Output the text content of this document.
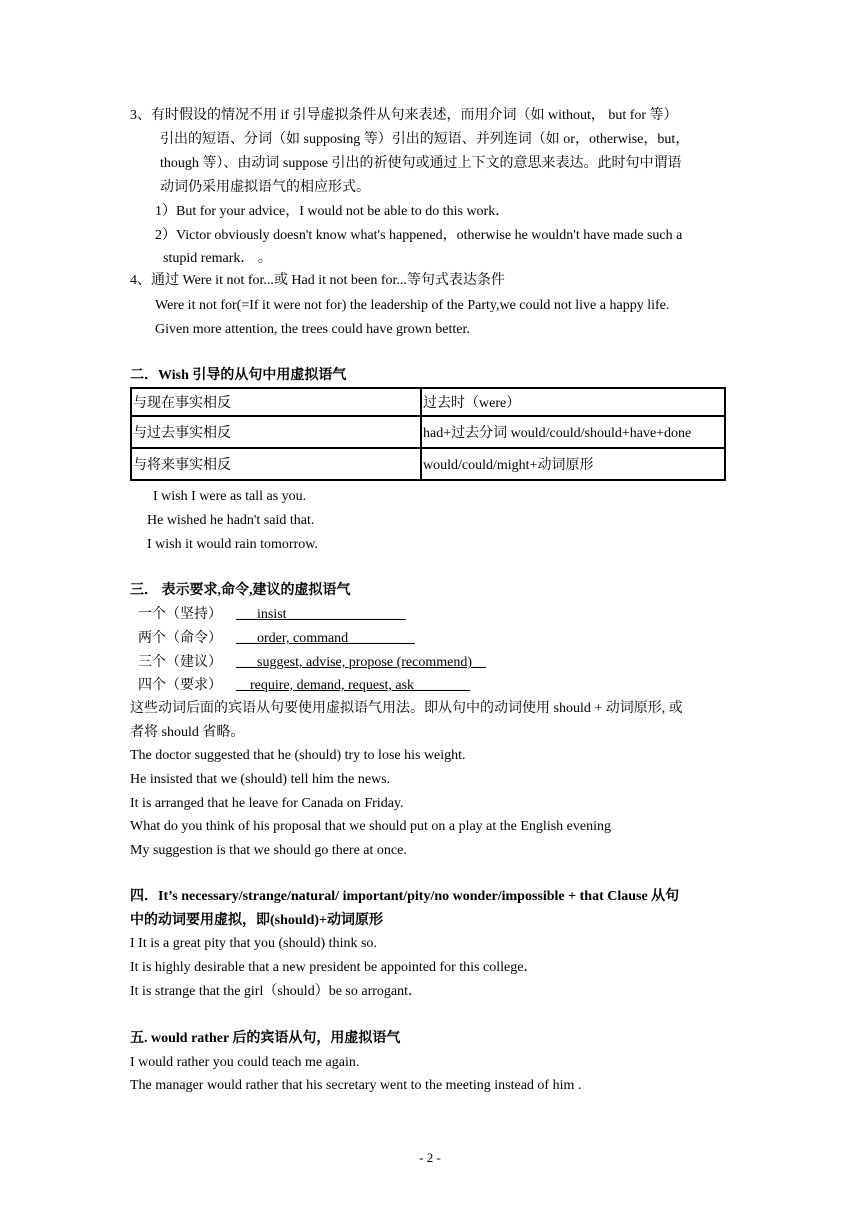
3、有时假设的情况不用 if 引导虚拟条件从句来表述，而用介词（如 without， but for 等）
引出的短语、分词（如 supposing 等）引出的短语、并列连词（如 or，otherwise，but，
though 等）、由动词 suppose 引出的祈使句或通过上下文的意思来表达。此时句中谓语
动词仍采用虚拟语气的相应形式。
1）But for your advice，I would not be able to do this work．
2）Victor obviously doesn't know what's happened，otherwise he wouldn't have made such a
stupid remark． 。
4、通过 Were it not for...或 Had it not been for...等句式表达条件
Were it not for(=If it were not for) the leadership of the Party,we could not live a happy life.
Given more attention, the trees could have grown better.
二．Wish 引导的从句中用虚拟语气
与现在事实相反	过去时（were）
与过去事实相反	had+过去分词 would/could/should+have+done
与将来事实相反	would/could/might+动词原形
I wish I were as tall as you.
He wished he hadn't said that.
I wish it would rain tomorrow.
三． 表示要求,命令,建议的虚拟语气
一个（坚持） ___insist_________________
两个（命令） ___order, command________ _
三个（建议） ___suggest, advise, propose (recommend)__
四个（要求） __require, demand, request, ask________
这些动词后面的宾语从句要使用虚拟语气用法。即从句中的动词使用 should + 动词原形, 或
者将 should 省略。
The doctor suggested that he (should) try to lose his weight.
He insisted that we (should) tell him the news.
It is arranged that he leave for Canada on Friday.
What do you think of his proposal that we should put on a play at the English evening
My suggestion is that we should go there at once.
四．It’s necessary/strange/natural/ important/pity/no wonder/impossible + that Clause 从句
中的动词要用虚拟，即(should)+动词原形
I It is a great pity that you (should) think so.
It is highly desirable that a new president be appointed for this college．
It is strange that the girl（should）be so arrogant．
五. would rather 后的宾语从句，用虚拟语气
I would rather you could teach me again.
The manager would rather that his secretary went to the meeting instead of him .
- 2 -
